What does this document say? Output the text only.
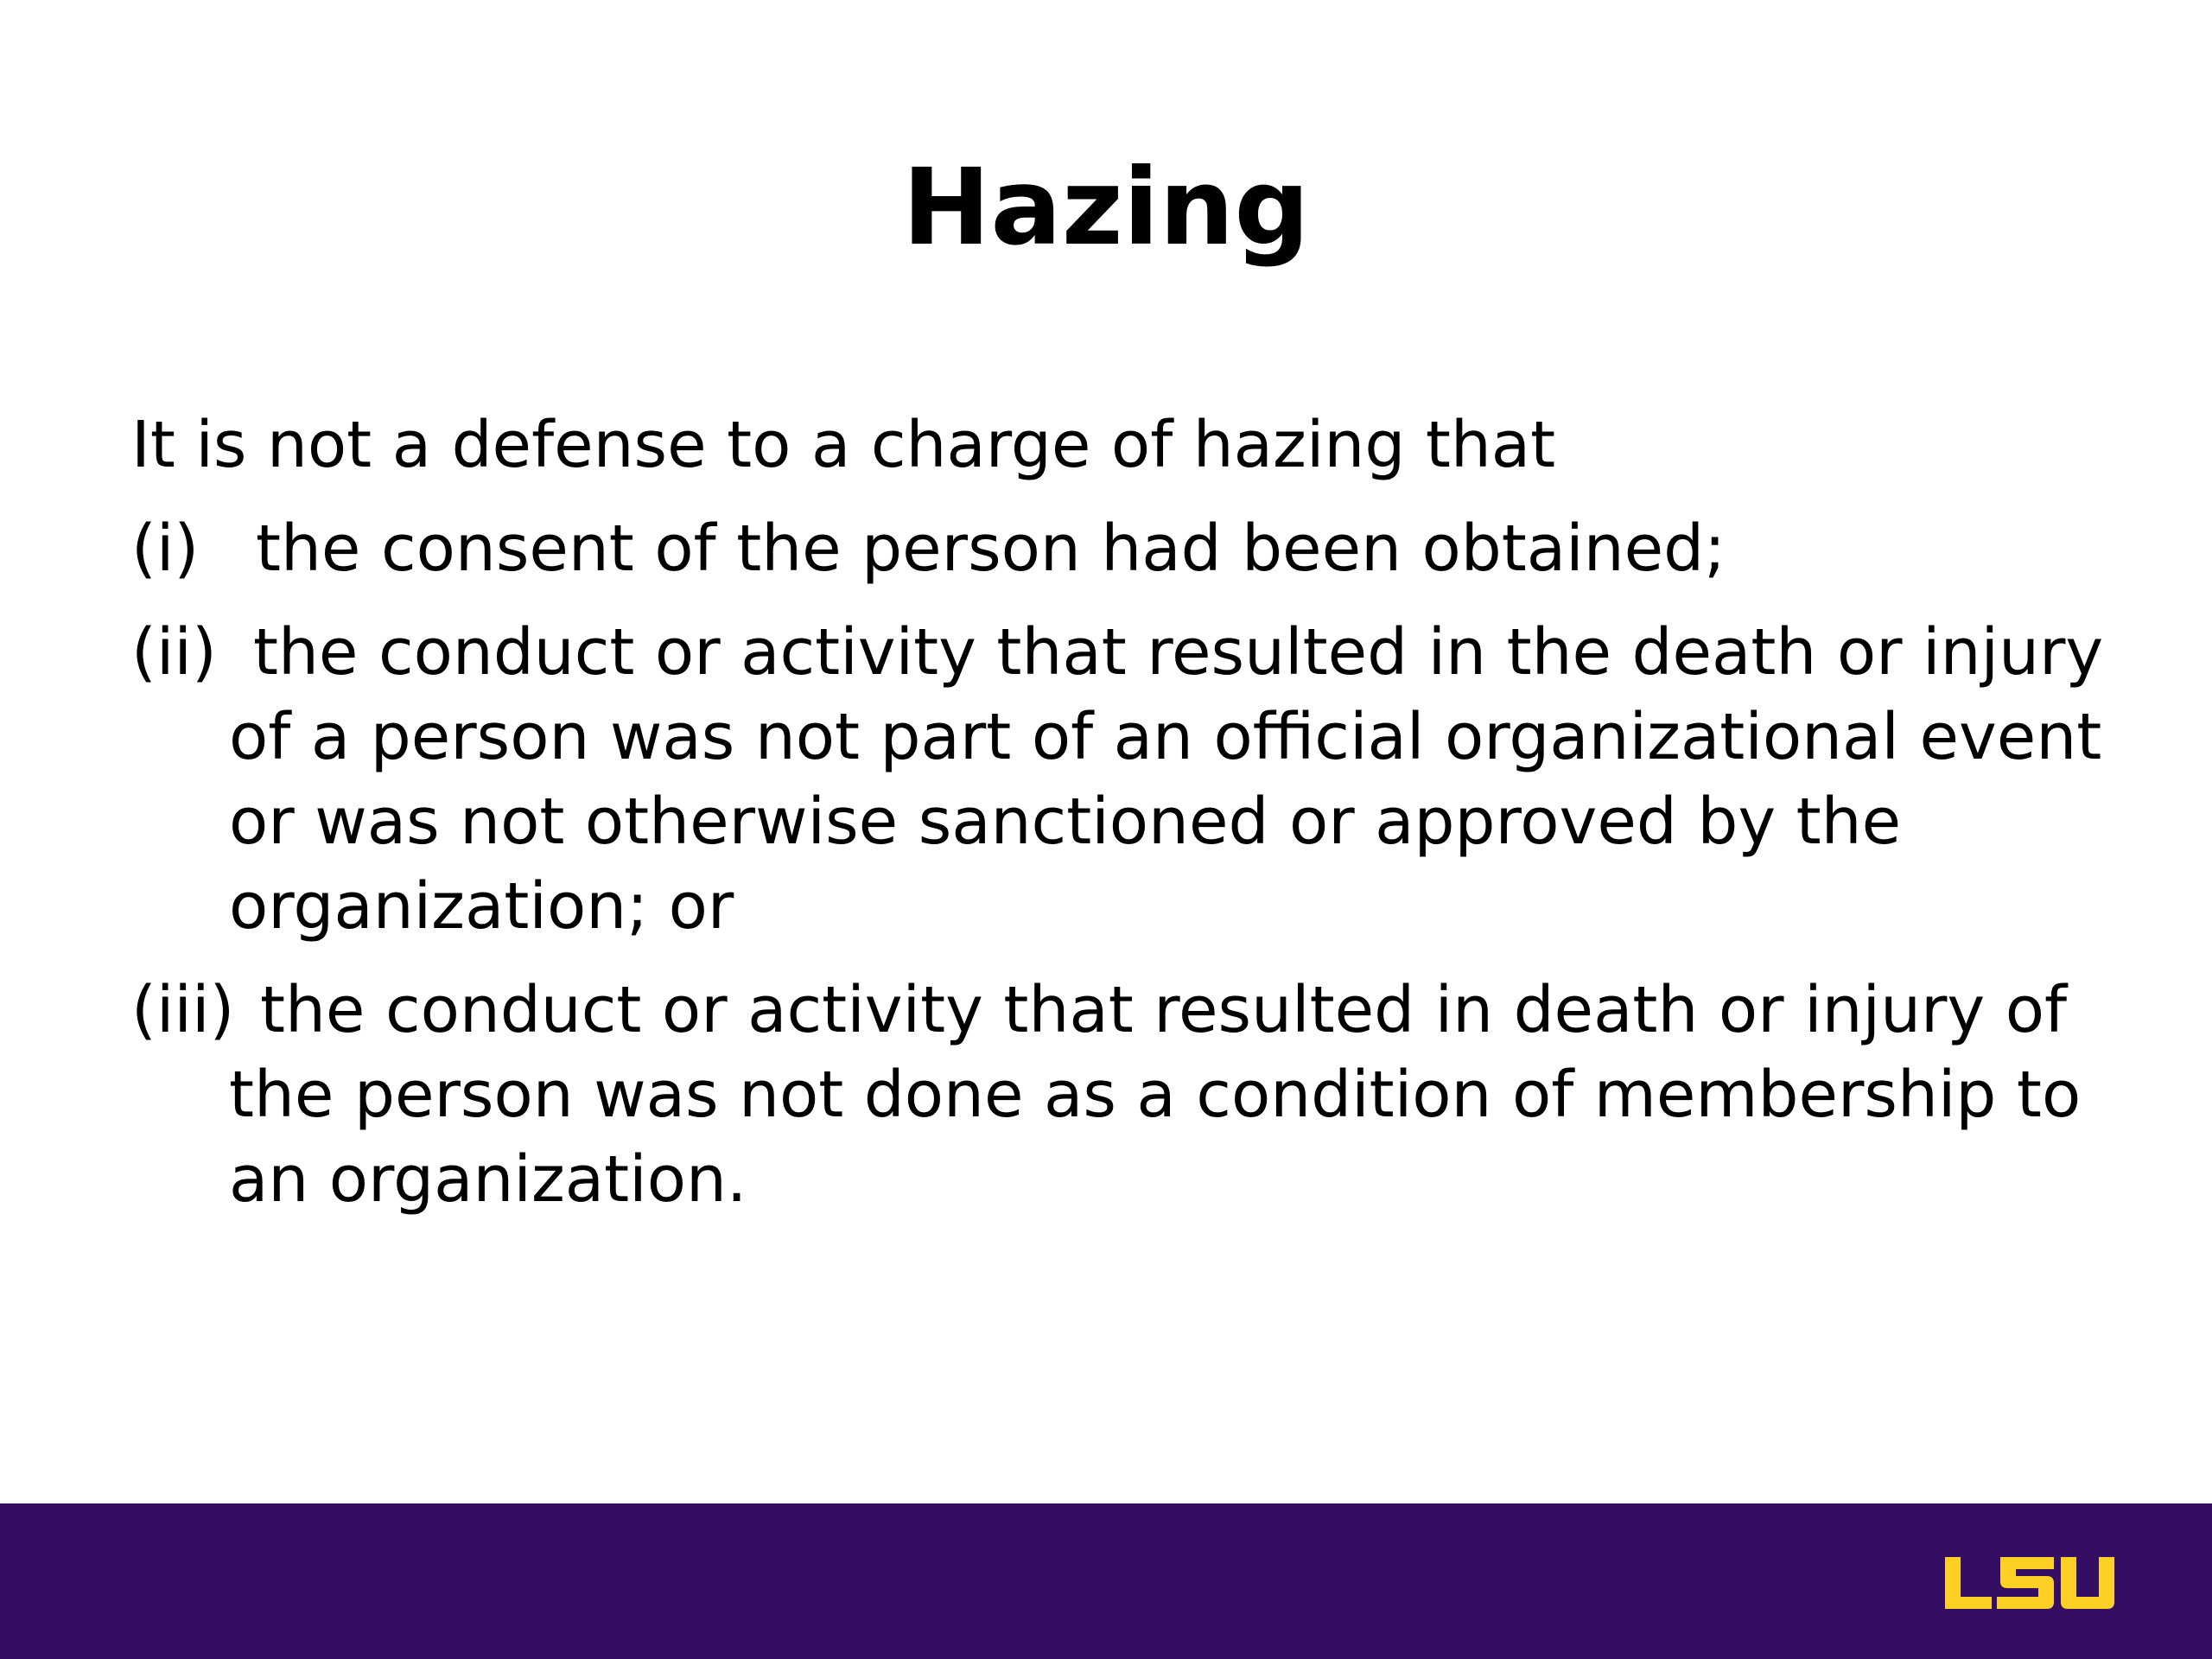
Hazing
It is not a defense to a charge of hazing that
(i) the consent of the person had been obtained;
(ii) the conduct or activity that resulted in the death or injury of a person was not part of an official organizational event or was not otherwise sanctioned or approved by the organization; or
(iii) the conduct or activity that resulted in death or injury of the person was not done as a condition of membership to an organization.
